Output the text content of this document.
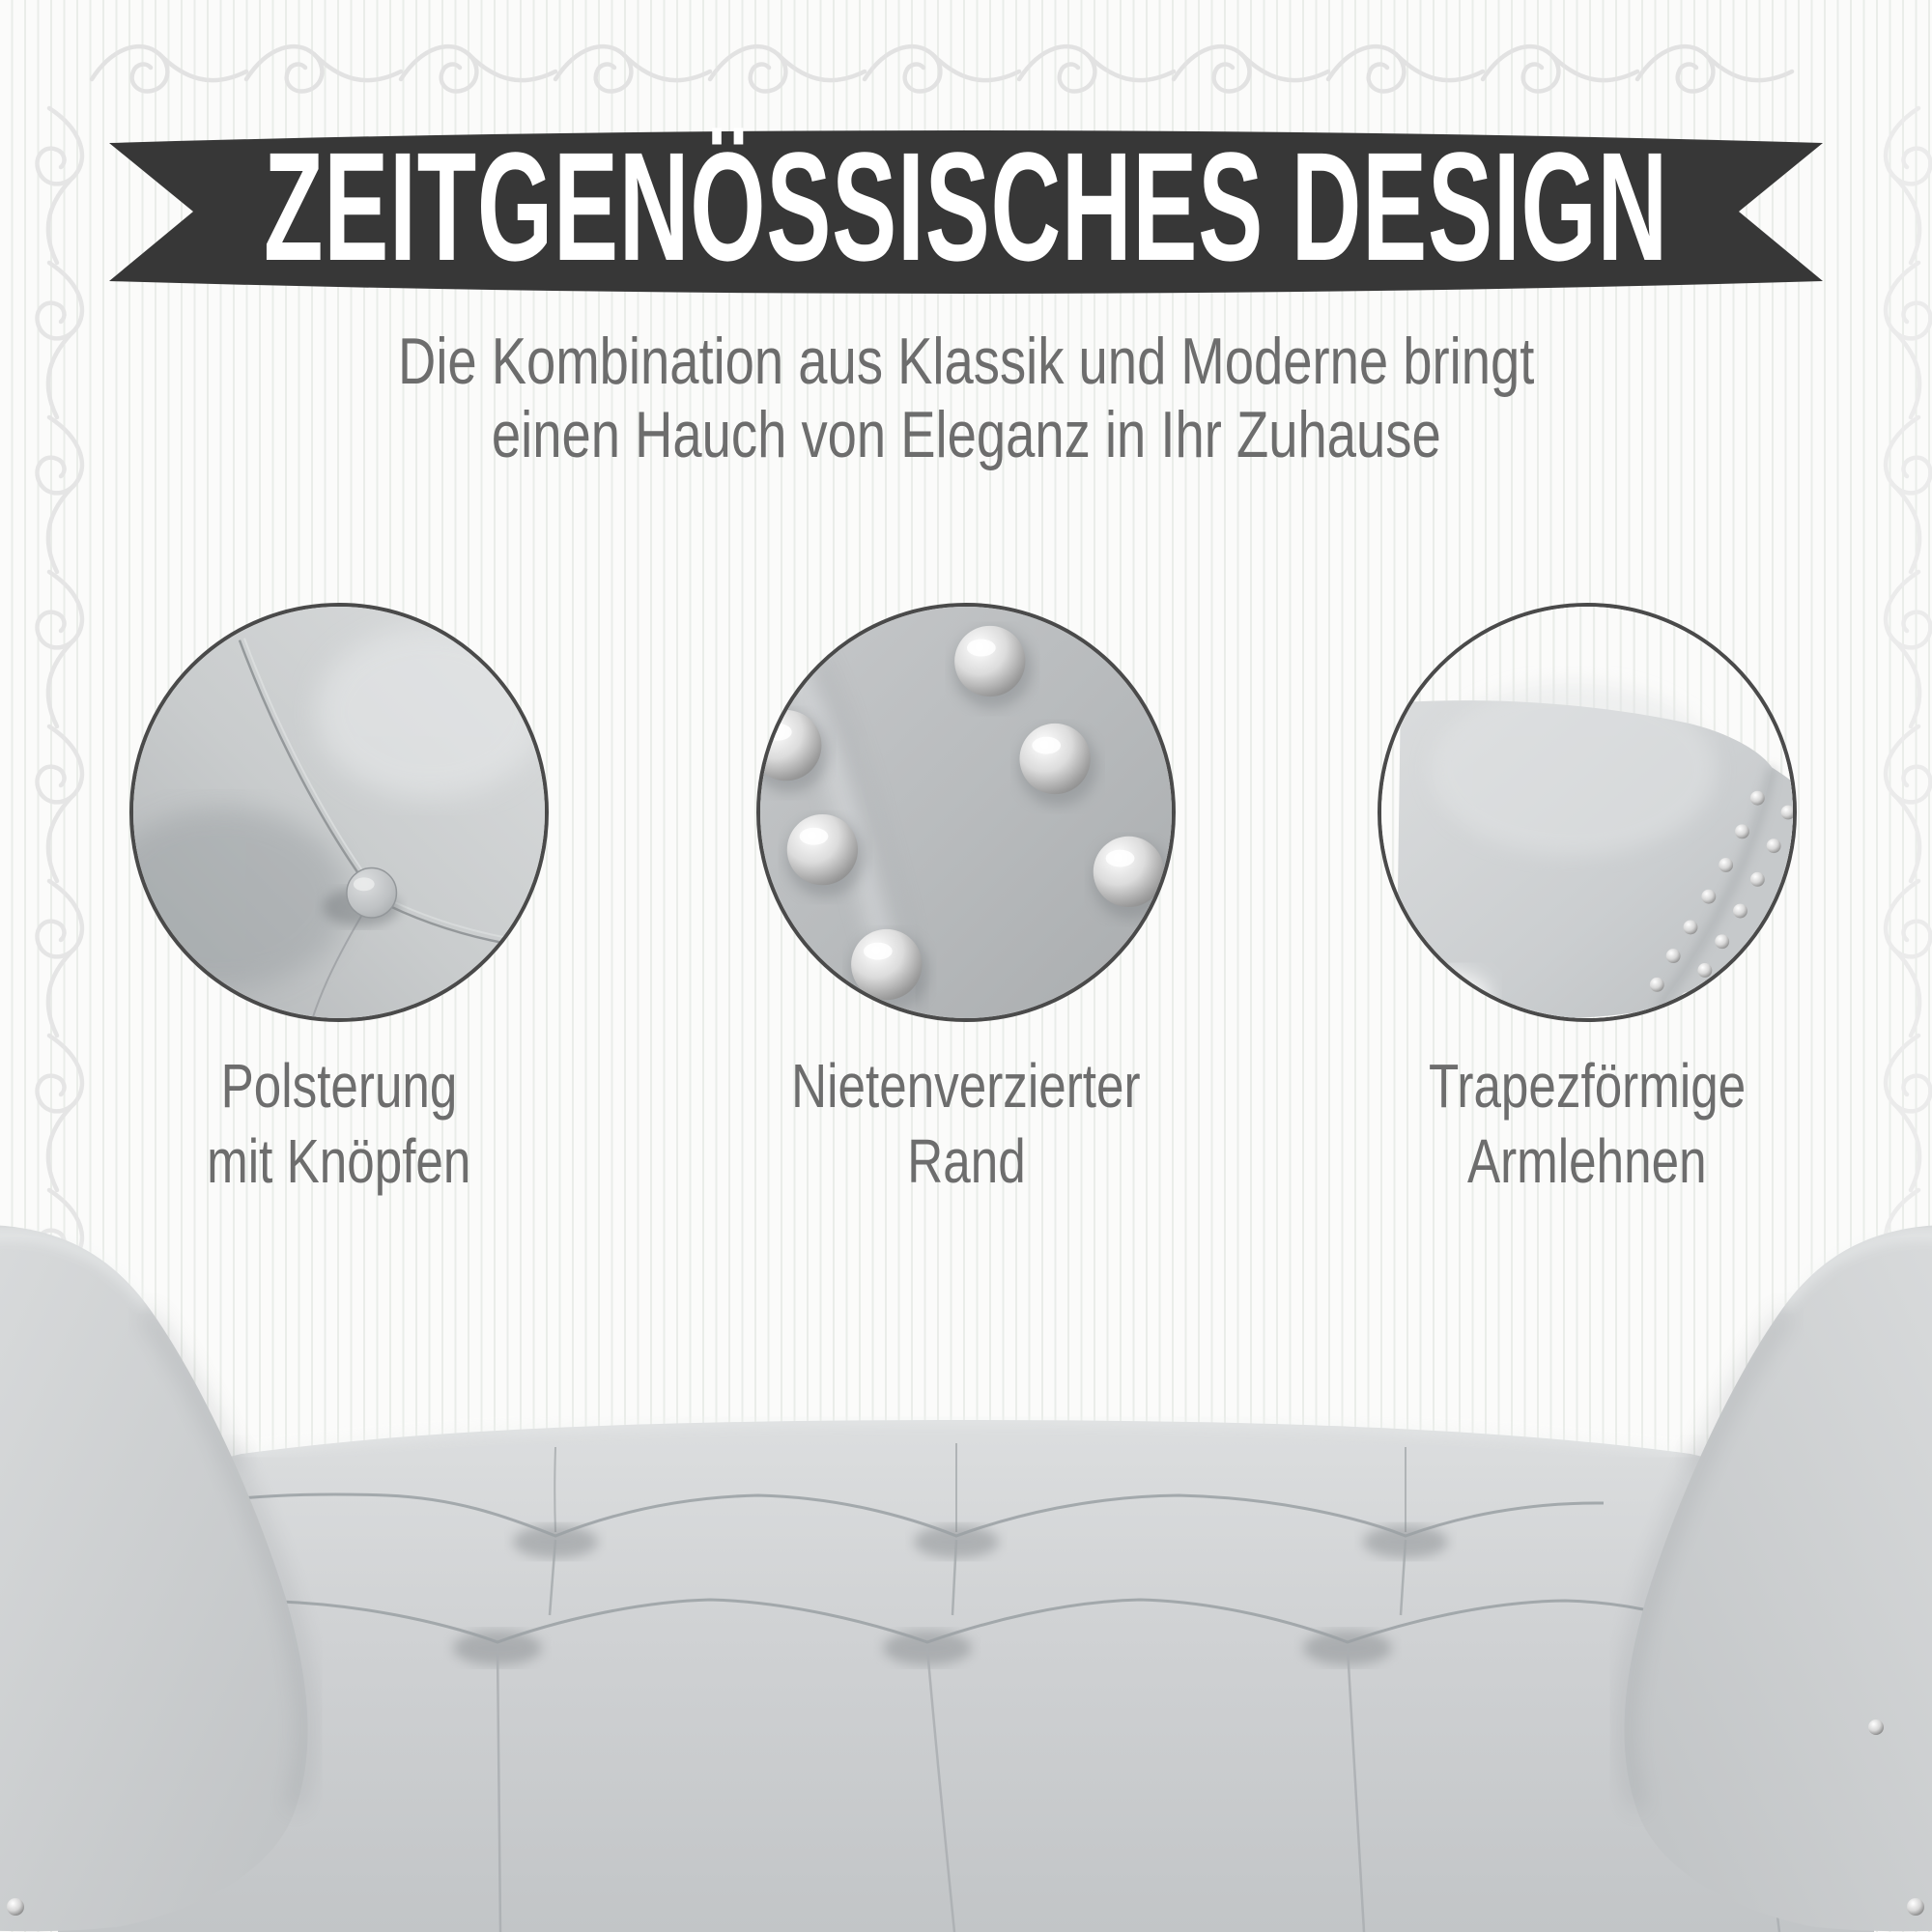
ZEITGENÖSSISCHES DESIGN
Die Kombination aus Klassik und Moderne bringt
einen Hauch von Eleganz in Ihr Zuhause
Polsterung
mit Knöpfen
Nietenverzierter
Rand
Trapezförmige
Armlehnen
